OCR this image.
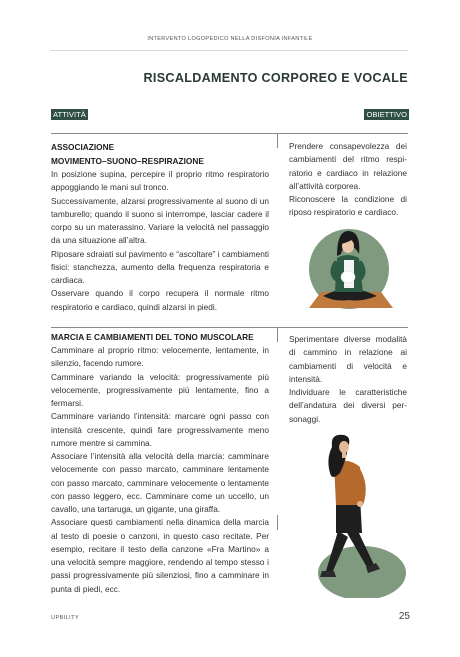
INTERVENTO LOGOPEDICO NELLA DISFONIA INFANTILE
RISCALDAMENTO CORPOREO E VOCALE
ATTIVITÀ	OBIETTIVO
ASSOCIAZIONE
MOVIMENTO–SUONO–RESPIRAZIONE

In posizione supina, percepire il proprio ritmo respiratorio appoggiando le mani sul tronco.

Successivamente, alzarsi progressivamente al suono di un tamburello; quando il suono si interrompe, lasciar cadere il corpo su un materassino. Variare la velocità nel passaggio da una situazione all’altra.

Riposare sdraiati sul pavimento e “ascoltare” i cambiamenti fisici: stanchezza, aumento della frequenza respiratoria e cardiaca.

Osservare quando il corpo recupera il normale ritmo respiratorio e cardiaco, quindi alzarsi in piedi.

Prendere consapevolezza dei cambiamenti del ritmo respiratorio e cardiaco in relazione all’attività corporea.

Riconoscere la condizione di riposo respiratorio e cardiaco.

MARCIA E CAMBIAMENTI DEL TONO MUSCOLARE

Camminare al proprio ritmo: velocemente, lentamente, in silenzio, facendo rumore.

Camminare variando la velocità: progressivamente più velocemente, progressivamente più lentamente, fino a fermarsi.

Camminare variando l’intensità: marcare ogni passo con intensità crescente, quindi fare progressivamente meno rumore mentre si cammina.

Associare l’intensità alla velocità della marcia: camminare velocemente con passo marcato, camminare lentamente con passo marcato, camminare velocemente o lentamente con passo leggero, ecc. Camminare come un uccello, un cavallo, una tartaruga, un gigante, una giraffa.

Associare questi cambiamenti nella dinamica della marcia al testo di poesie o canzoni, in questo caso recitate. Per esempio, recitare il testo della canzone «Fra Martino» a una velocità sempre maggiore, rendendo al tempo stesso i passi progressivamente più silenziosi, fino a camminare in punta di piedi, ecc.

Sperimentare diverse modalità di cammino in relazione ai cambiamenti di velocità e intensità.

Individuare le caratteristiche dell’andatura dei diversi personaggi.

UPBILITY	25
